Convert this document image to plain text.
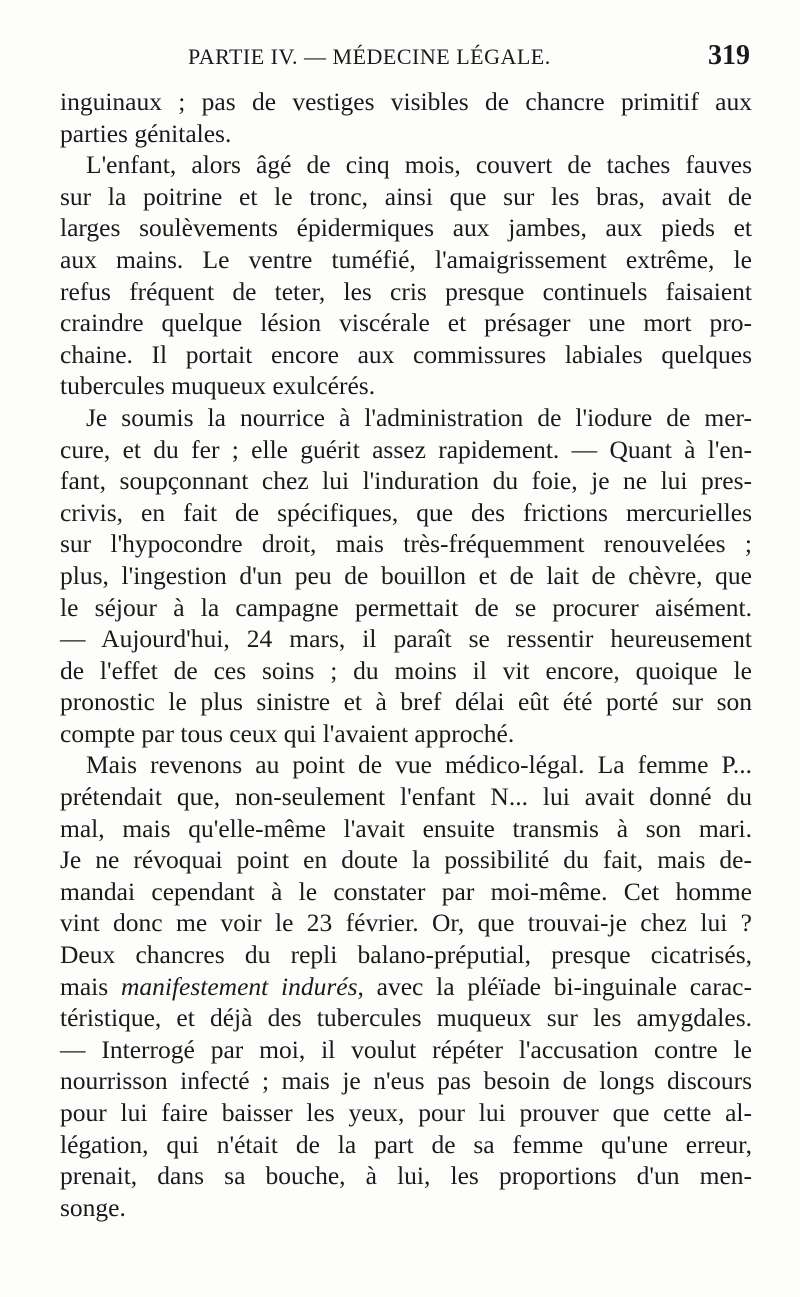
PARTIE IV. — MÉDECINE LÉGALE.	319
inguinaux ; pas de vestiges visibles de chancre primitif aux
parties génitales.
L'enfant, alors âgé de cinq mois, couvert de taches fauves
sur la poitrine et le tronc, ainsi que sur les bras, avait de
larges soulèvements épidermiques aux jambes, aux pieds et
aux mains. Le ventre tuméfié, l'amaigrissement extrême, le
refus fréquent de teter, les cris presque continuels faisaient
craindre quelque lésion viscérale et présager une mort pro-
chaine. Il portait encore aux commissures labiales quelques
tubercules muqueux exulcérés.
Je soumis la nourrice à l'administration de l'iodure de mer-
cure, et du fer ; elle guérit assez rapidement. — Quant à l'en-
fant, soupçonnant chez lui l'induration du foie, je ne lui pres-
crivis, en fait de spécifiques, que des frictions mercurielles
sur l'hypocondre droit, mais très-fréquemment renouvelées ;
plus, l'ingestion d'un peu de bouillon et de lait de chèvre, que
le séjour à la campagne permettait de se procurer aisément.
— Aujourd'hui, 24 mars, il paraît se ressentir heureusement
de l'effet de ces soins ; du moins il vit encore, quoique le
pronostic le plus sinistre et à bref délai eût été porté sur son
compte par tous ceux qui l'avaient approché.
Mais revenons au point de vue médico-légal. La femme P...
prétendait que, non-seulement l'enfant N... lui avait donné du
mal, mais qu'elle-même l'avait ensuite transmis à son mari.
Je ne révoquai point en doute la possibilité du fait, mais de-
mandai cependant à le constater par moi-même. Cet homme
vint donc me voir le 23 février. Or, que trouvai-je chez lui ?
Deux chancres du repli balano-préputial, presque cicatrisés,
mais manifestement indurés, avec la pléïade bi-inguinale carac-
téristique, et déjà des tubercules muqueux sur les amygdales.
— Interrogé par moi, il voulut répéter l'accusation contre le
nourrisson infecté ; mais je n'eus pas besoin de longs discours
pour lui faire baisser les yeux, pour lui prouver que cette al-
légation, qui n'était de la part de sa femme qu'une erreur,
prenait, dans sa bouche, à lui, les proportions d'un men-
songe.
